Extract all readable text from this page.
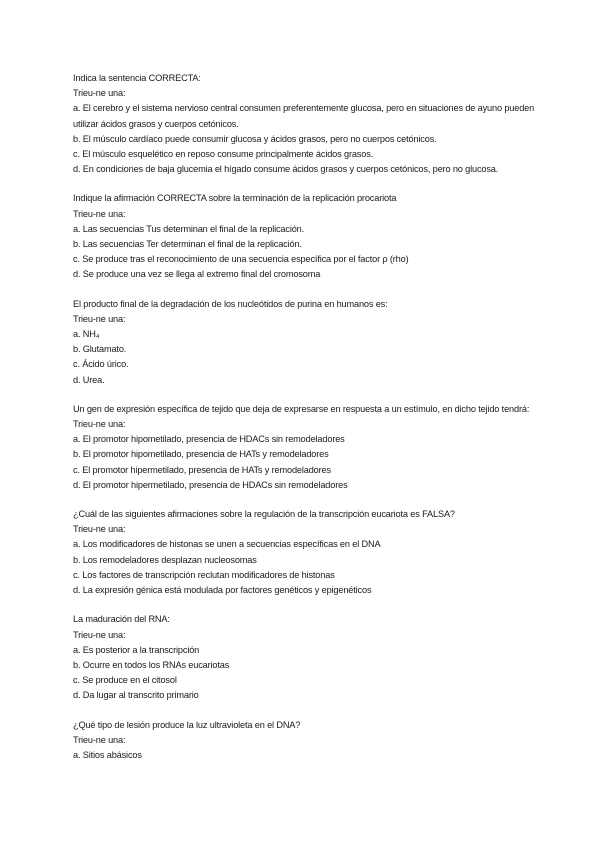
Indica la sentencia CORRECTA:
Trieu-ne una:
a. El cerebro y el sistema nervioso central consumen preferentemente glucosa, pero en situaciones de ayuno pueden utilizar ácidos grasos y cuerpos cetónicos.
b. El músculo cardíaco puede consumir glucosa y ácidos grasos, pero no cuerpos cetónicos.
c. El músculo esquelético en reposo consume principalmente ácidos grasos.
d. En condiciones de baja glucemia el hígado consume ácidos grasos y cuerpos cetónicos, pero no glucosa.
Indique la afirmación CORRECTA sobre la terminación de la replicación procariota
Trieu-ne una:
a. Las secuencias Tus determinan el final de la replicación.
b. Las secuencias Ter determinan el final de la replicación.
c. Se produce tras el reconocimiento de una secuencia específica por el factor ρ (rho)
d. Se produce una vez se llega al extremo final del cromosoma
El producto final de la degradación de los nucleótidos de purina en humanos es:
Trieu-ne una:
a. NH₄
b. Glutamato.
c. Ácido úrico.
d. Urea.
Un gen de expresión específica de tejido que deja de expresarse en respuesta a un estímulo, en dicho tejido tendrá:
Trieu-ne una:
a. El promotor hipometilado, presencia de HDACs sin remodeladores
b. El promotor hipometilado, presencia de HATs y remodeladores
c. El promotor hipermetilado, presencia de HATs y remodeladores
d. El promotor hipermetilado, presencia de HDACs sin remodeladores
¿Cuál de las siguientes afirmaciones sobre la regulación de la transcripción eucariota es FALSA?
Trieu-ne una:
a. Los modificadores de histonas se unen a secuencias específicas en el DNA
b. Los remodeladores desplazan nucleosomas
c. Los factores de transcripción reclutan modificadores de histonas
d. La expresión génica está modulada por factores genéticos y epigenéticos
La maduración del RNA:
Trieu-ne una:
a. Es posterior a la transcripción
b. Ocurre en todos los RNAs eucariotas
c. Se produce en el citosol
d. Da lugar al transcrito primario
¿Qué tipo de lesión produce la luz ultravioleta en el DNA?
Trieu-ne una:
a. Sitios abásicos
